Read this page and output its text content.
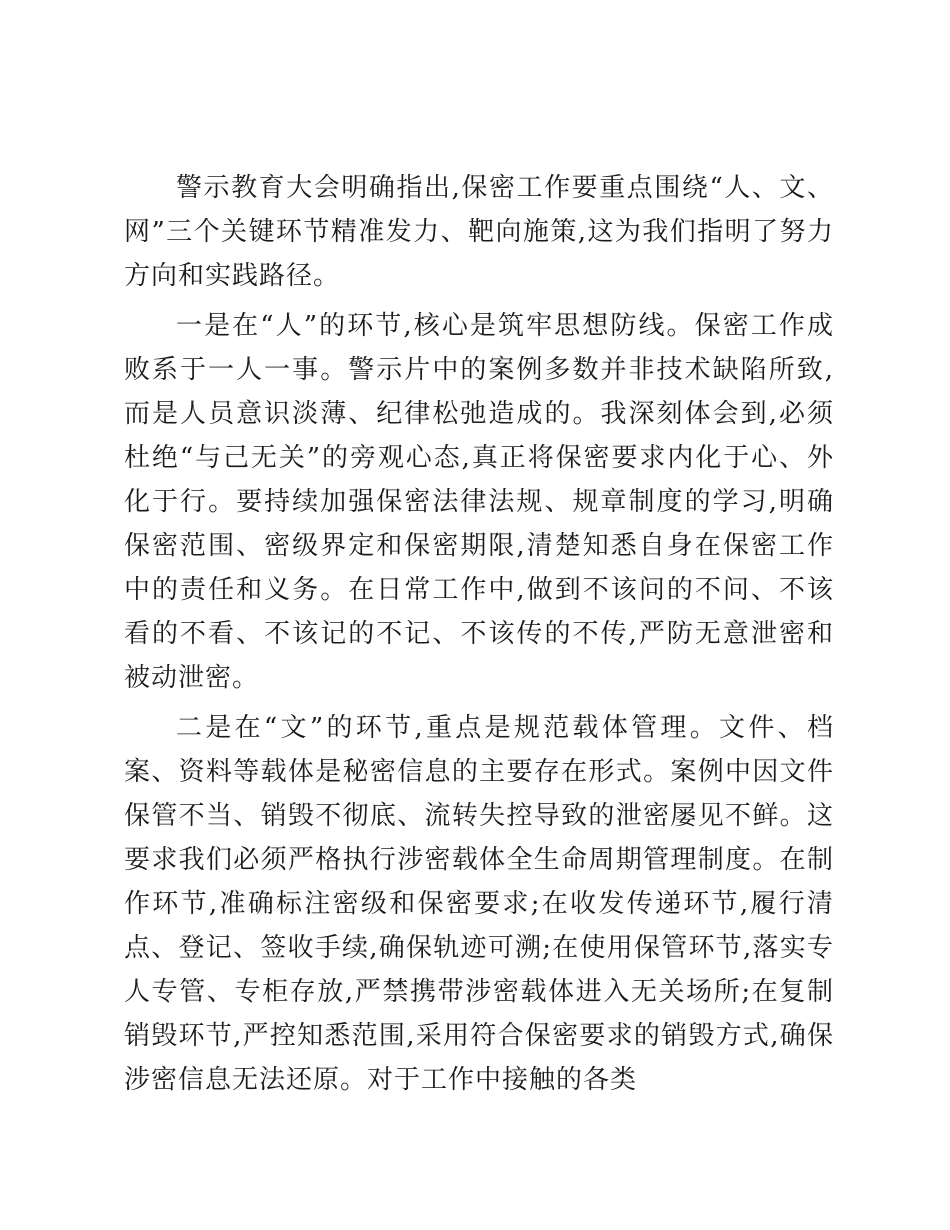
警示教育大会明确指出,保密工作要重点围绕“人、文、网”三个关键环节精准发力、靶向施策,这为我们指明了努力方向和实践路径。

一是在“人”的环节,核心是筑牢思想防线。保密工作成败系于一人一事。警示片中的案例多数并非技术缺陷所致,而是人员意识淡薄、纪律松弛造成的。我深刻体会到,必须杜绝“与己无关”的旁观心态,真正将保密要求内化于心、外化于行。要持续加强保密法律法规、规章制度的学习,明确保密范围、密级界定和保密期限,清楚知悉自身在保密工作中的责任和义务。在日常工作中,做到不该问的不问、不该看的不看、不该记的不记、不该传的不传,严防无意泄密和被动泄密。

二是在“文”的环节,重点是规范载体管理。文件、档案、资料等载体是秘密信息的主要存在形式。案例中因文件保管不当、销毁不彻底、流转失控导致的泄密屡见不鲜。这要求我们必须严格执行涉密载体全生命周期管理制度。在制作环节,准确标注密级和保密要求;在收发传递环节,履行清点、登记、签收手续,确保轨迹可溯;在使用保管环节,落实专人专管、专柜存放,严禁携带涉密载体进入无关场所;在复制销毁环节,严控知悉范围,采用符合保密要求的销毁方式,确保涉密信息无法还原。对于工作中接触的各类
